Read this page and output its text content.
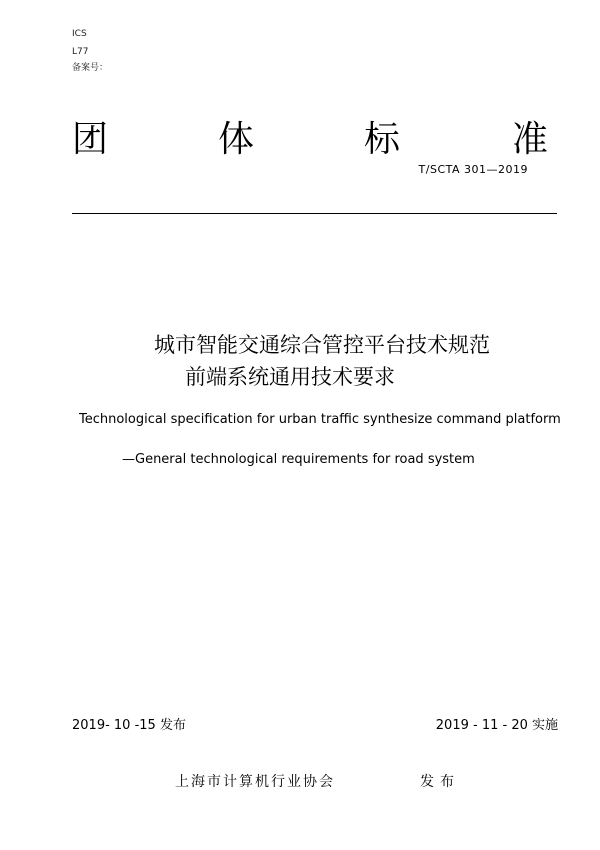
ICS
L77
备案号：
团	体	标	准
T/SCTA 301—2019
城市智能交通综合管控平台技术规范
前端系统通用技术要求
Technological specification for urban traffic synthesize command platform
—General technological requirements for road system
2019- 10 -15 发布	2019 - 11 - 20 实施
上海市计算机行业协会	发布
